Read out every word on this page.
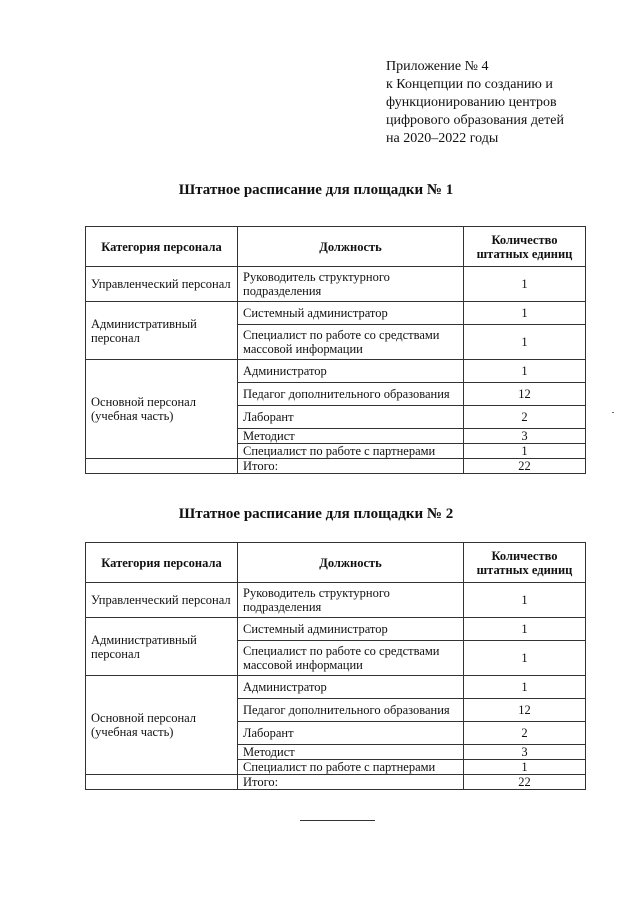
Приложение № 4
к Концепции по созданию и
функционированию центров
цифрового образования детей
на 2020–2022 годы
Штатное расписание для площадки № 1
Категория персонала	Должность	Количество штатных единиц
Управленческий персонал	Руководитель структурного подразделения	1
Административный персонал	Системный администратор	1
	Специалист по работе со средствами массовой информации	1
Основной персонал (учебная часть)	Администратор	1
	Педагог дополнительного образования	12
	Лаборант	2
	Методист	3
	Специалист по работе с партнерами	1
	Итого:	22
Штатное расписание для площадки № 2
Категория персонала	Должность	Количество штатных единиц
Управленческий персонал	Руководитель структурного подразделения	1
Административный персонал	Системный администратор	1
	Специалист по работе со средствами массовой информации	1
Основной персонал (учебная часть)	Администратор	1
	Педагог дополнительного образования	12
	Лаборант	2
	Методист	3
	Специалист по работе с партнерами	1
	Итого:	22
